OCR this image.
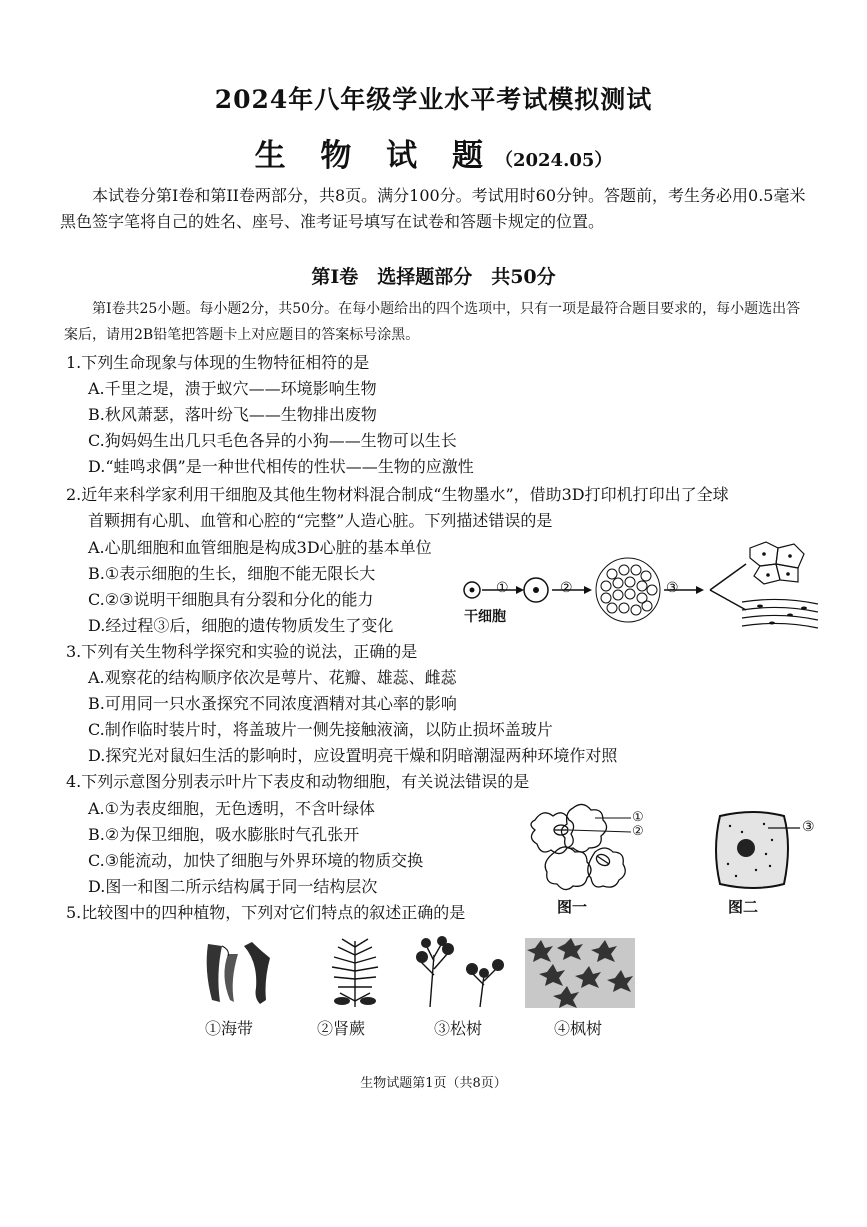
2024年八年级学业水平考试模拟测试
生 物 试 题（2024.05）
本试卷分第Ⅰ卷和第II卷两部分，共8页。满分100分。考试用时60分钟。答题前，考生务必用0.5毫米黑色签字笔将自己的姓名、座号、准考证号填写在试卷和答题卡规定的位置。
第Ⅰ卷　选择题部分　共50分
第Ⅰ卷共25小题。每小题2分，共50分。在每小题给出的四个选项中，只有一项是最符合题目要求的，每小题选出答案后，请用2B铅笔把答题卡上对应题目的答案标号涂黑。
1.下列生命现象与体现的生物特征相符的是
A.千里之堤，溃于蚁穴——环境影响生物
B.秋风萧瑟，落叶纷飞——生物排出废物
C.狗妈妈生出几只毛色各异的小狗——生物可以生长
D.“蛙鸣求偶”是一种世代相传的性状——生物的应激性
2.近年来科学家利用干细胞及其他生物材料混合制成“生物墨水”，借助3D打印机打印出了全球
首颗拥有心肌、血管和心腔的“完整”人造心脏。下列描述错误的是
A.心肌细胞和血管细胞是构成3D心脏的基本单位
B.①表示细胞的生长，细胞不能无限长大
C.②③说明干细胞具有分裂和分化的能力
D.经过程③后，细胞的遗传物质发生了变化
①	②	③
干细胞
3.下列有关生物科学探究和实验的说法，正确的是
A.观察花的结构顺序依次是萼片、花瓣、雄蕊、雌蕊
B.可用同一只水蚤探究不同浓度酒精对其心率的影响
C.制作临时装片时，将盖玻片一侧先接触液滴，以防止损坏盖玻片
D.探究光对鼠妇生活的影响时，应设置明亮干燥和阴暗潮湿两种环境作对照
4.下列示意图分别表示叶片下表皮和动物细胞，有关说法错误的是
A.①为表皮细胞，无色透明，不含叶绿体
B.②为保卫细胞，吸水膨胀时气孔张开
C.③能流动，加快了细胞与外界环境的物质交换
D.图一和图二所示结构属于同一结构层次
①
②
图一
③
图二
5.比较图中的四种植物，下列对它们特点的叙述正确的是
①海带	②肾蕨	③松树	④枫树
生物试题第1页（共8页）
